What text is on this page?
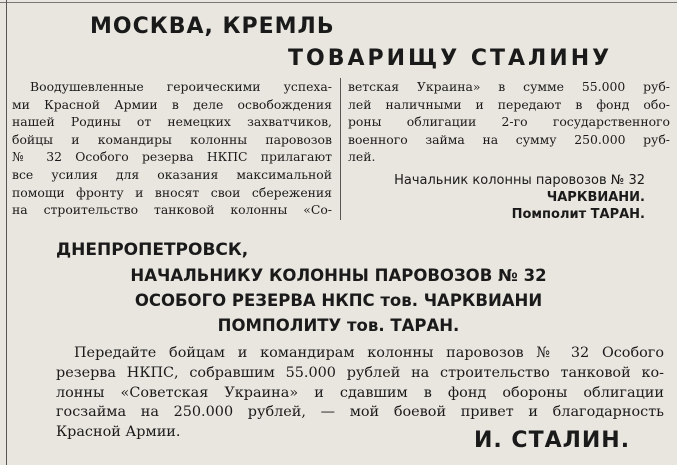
МОСКВА, КРЕМЛЬ
ТОВАРИЩУ СТАЛИНУ
Воодушевленные героическими успеха-
ми Красной Армии в деле освобождения
нашей Родины от немецких захватчиков,
бойцы и командиры колонны паровозов
№ 32 Особого резерва НКПС прилагают
все усилия для оказания максимальной
помощи фронту и вносят свои сбережения
на строительство танковой колонны «Со-
ветская Украина» в сумме 55.000 руб-
лей наличными и передают в фонд обо-
роны облигации 2-го государственного
военного займа на сумму 250.000 руб-
лей.
Начальник колонны паровозов № 32
ЧАРКВИАНИ.
Помполит ТАРАН.
ДНЕПРОПЕТРОВСК,
НАЧАЛЬНИКУ КОЛОННЫ ПАРОВОЗОВ № 32
ОСОБОГО РЕЗЕРВА НКПС тов. ЧАРКВИАНИ
ПОМПОЛИТУ тов. ТАРАН.
Передайте бойцам и командирам колонны паровозов № 32 Особого
резерва НКПС, собравшим 55.000 рублей на строительство танковой ко-
лонны «Советская Украина» и сдавшим в фонд обороны облигации
госзайма на 250.000 рублей, — мой боевой привет и благодарность
Красной Армии.	И. СТАЛИН.
